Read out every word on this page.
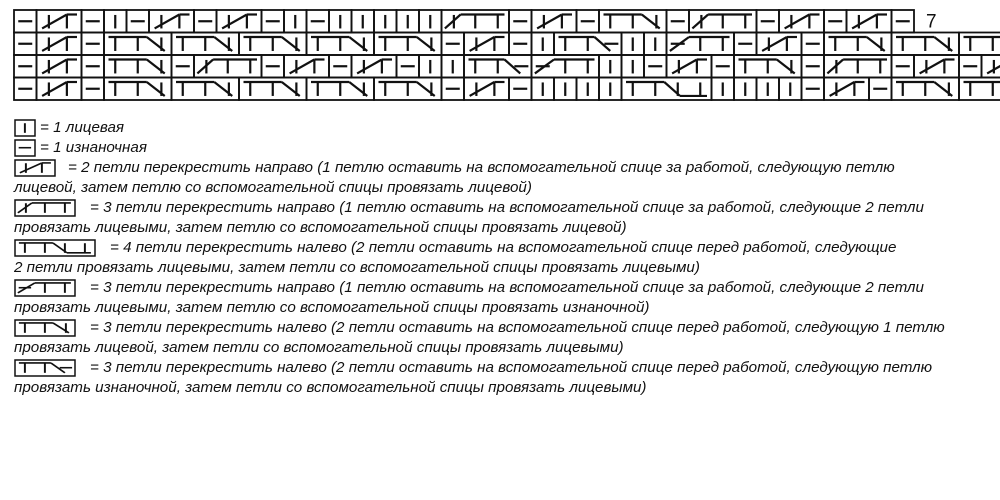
7
= 1 лицевая
= 1 изнаночная
= 2 петли перекрестить направо (1 петлю оставить на вспомогательной спице за работой, следующую петлю
лицевой, затем петлю со вспомогательной спицы провязать лицевой)
= 3 петли перекрестить направо (1 петлю оставить на вспомогательной спице за работой, следующие 2 петли
провязать лицевыми, затем петлю со вспомогательной спицы провязать лицевой)
= 4 петли перекрестить налево (2 петли оставить на вспомогательной спице перед работой, следующие
2 петли провязать лицевыми, затем петли со вспомогательной спицы провязать лицевыми)
= 3 петли перекрестить направо (1 петлю оставить на вспомогательной спице за работой, следующие 2 петли
провязать лицевыми, затем петлю со вспомогательной спицы провязать изнаночной)
= 3 петли перекрестить налево (2 петли оставить на вспомогательной спице перед работой, следующую 1 петлю
провязать лицевой, затем петли со вспомогательной спицы провязать лицевыми)
= 3 петли перекрестить налево (2 петли оставить на вспомогательной спице перед работой, следующую петлю
провязать изнаночной, затем петли со вспомогательной спицы провязать лицевыми)
